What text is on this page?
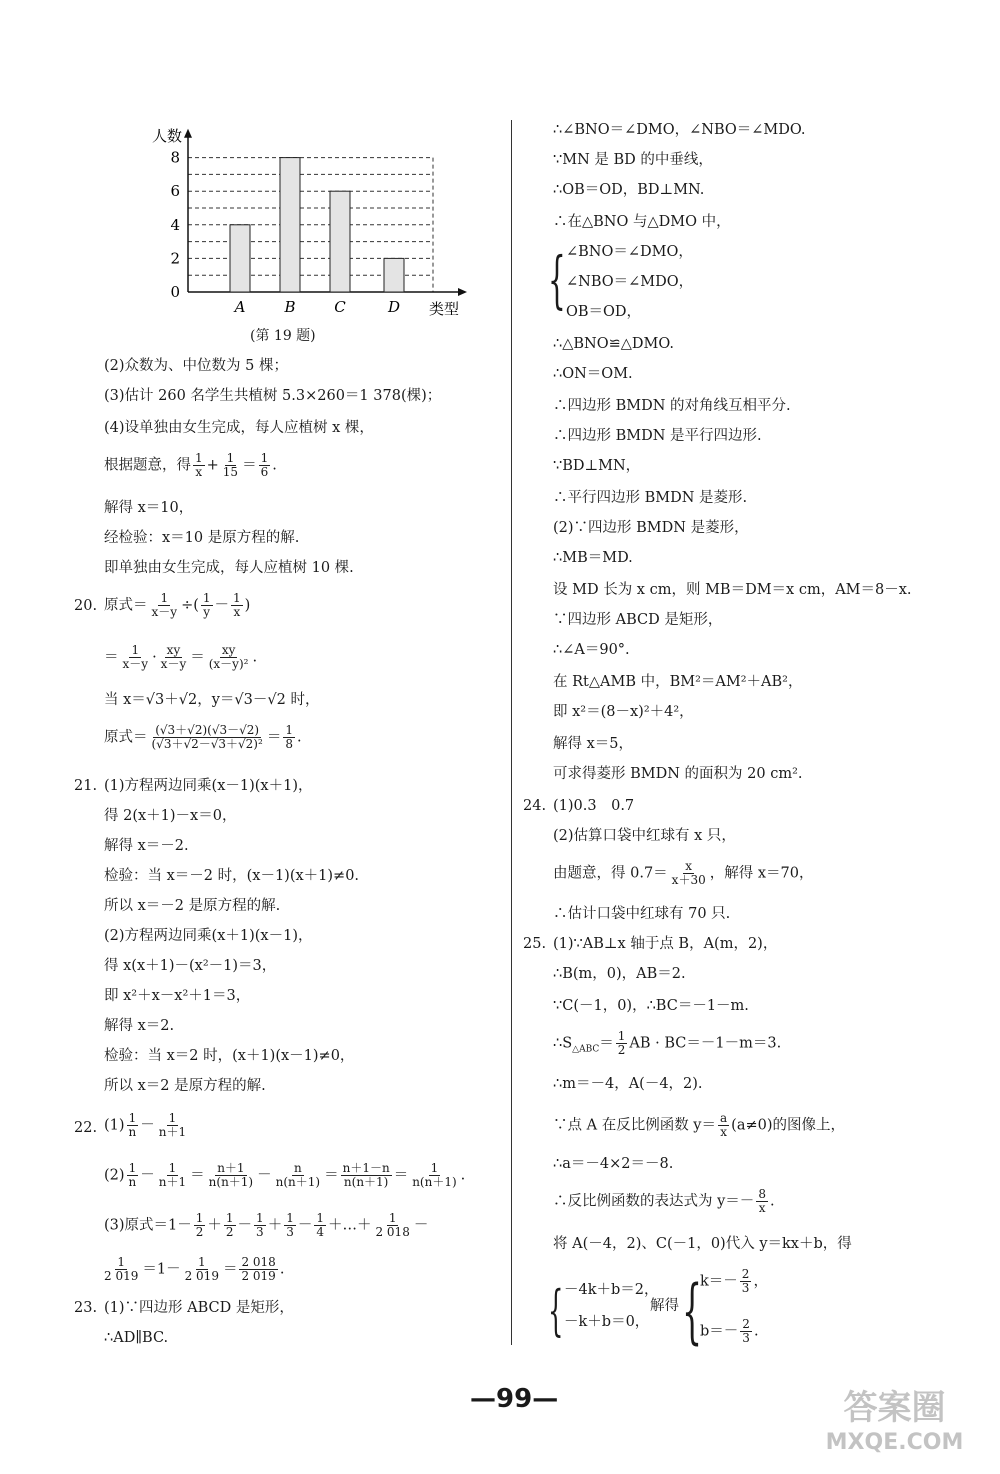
0
2
4
6
8
A	B	C	D
人数
类型
(第 19 题)
(2)众数为、中位数为 5 棵；
(3)估计 260 名学生共植树 5.3×260＝1 378(棵)；
(4)设单独由女生完成，每人应植树 x 棵，
根据题意，得 $\frac{1}{x} + \frac{1}{15} = \frac{1}{6}$ .
解得 x＝10，
经检验：x＝10 是原方程的解.
即单独由女生完成，每人应植树 10 棵.
20. 原式＝ $\frac{1}{x-y}$ ÷( $\frac{1}{y} - \frac{1}{x}$ )
＝ $\frac{1}{x-y} \cdot \frac{xy}{x-y} = \frac{xy}{\text{(x－y)²}}$ .
当 x＝√3＋√2，y＝√3－√2 时，
原式＝ $\frac{(√3+√2)(√3-√2)}{\text{(√3＋√2－√3＋√2)²}} = \frac{1}{8}$ .
21. (1)方程两边同乘(x－1)(x＋1)，
得 2(x＋1)－x＝0，
解得 x＝－2.
检验：当 x＝－2 时，(x－1)(x＋1)≠0.
所以 x＝－2 是原方程的解.
(2)方程两边同乘(x＋1)(x－1)，
得 x(x＋1)－(x²－1)＝3，
即 x²＋x－x²＋1＝3，
解得 x＝2.
检验：当 x＝2 时，(x＋1)(x－1)≠0，
所以 x＝2 是原方程的解.
22. $(1) \frac{1}{n} - \frac{1}{n+1}$
$(2) \frac{1}{n} - \frac{1}{n+1} = \frac{n+1}{n(n+1)} - \frac{n}{n(n+1)} = \frac{n+1-n}{n(n+1)} = \frac{1}{n(n+1)}$ .
(3)原式$=1- \frac{1}{2} + \frac{1}{2} - \frac{1}{3} + \frac{1}{3} - \frac{1}{4}$ ＋…＋ $\frac{1}{2 018}$ －
$\frac{1}{2 019} =1- \frac{1}{2 019} = \frac{2 018}{2 019}$ .
23. (1)∵四边形 ABCD 是矩形，
∴AD∥BC.
∴∠BNO＝∠DMO，∠NBO＝∠MDO.
∵MN 是 BD 的中垂线，
∴OB＝OD，BD⊥MN.
∴在△BNO 与△DMO 中，
{ ∠BNO＝∠DMO，
∠NBO＝∠MDO，
OB＝OD，
∴△BNO≌△DMO.
∴ON＝OM.
∴四边形 BMDN 的对角线互相平分.
∴四边形 BMDN 是平行四边形.
∵BD⊥MN，
∴平行四边形 BMDN 是菱形.
(2)∵四边形 BMDN 是菱形，
∴MB＝MD.
设 MD 长为 x cm，则 MB＝DM＝x cm，AM＝8－x.
∵四边形 ABCD 是矩形，
∴∠A＝90°.
在 Rt△AMB 中，BM²＝AM²＋AB²，
即 x²＝(8－x)²＋4²，
解得 x＝5，
可求得菱形 BMDN 的面积为 20 cm².
24. (1)0.3　0.7
(2)估算口袋中红球有 x 只，
由题意，得 $0.7= \frac{x}{x+30}$ ，解得 x＝70，
∴估计口袋中红球有 70 只.
25. (1)∵AB⊥x 轴于点 B，A(m，2)，
∴B(m，0)，AB＝2.
∵C(－1，0)，∴BC＝－1－m.
$\therefore S_{\triangle ABC}= \frac{1}{2}$ AB · BC＝－1－m＝3.
∴m＝－4，A(－4，2).
∵点 A 在反比例函数 $y= \frac{a}{x} (a\ne 0)$的图像上，
∴a＝－4×2＝－8.
∴反比例函数的表达式为 $y=- \frac{8}{x}$ .
将 A(－4，2)、C(－1，0)代入 y＝kx＋b，得
{ －4k＋b＝2，
－k＋b＝0，
解得 {
$k=- \frac{2}{3}$ ，
$b=- \frac{2}{3}$ .
—99—	答案圈
MXQE.COM
